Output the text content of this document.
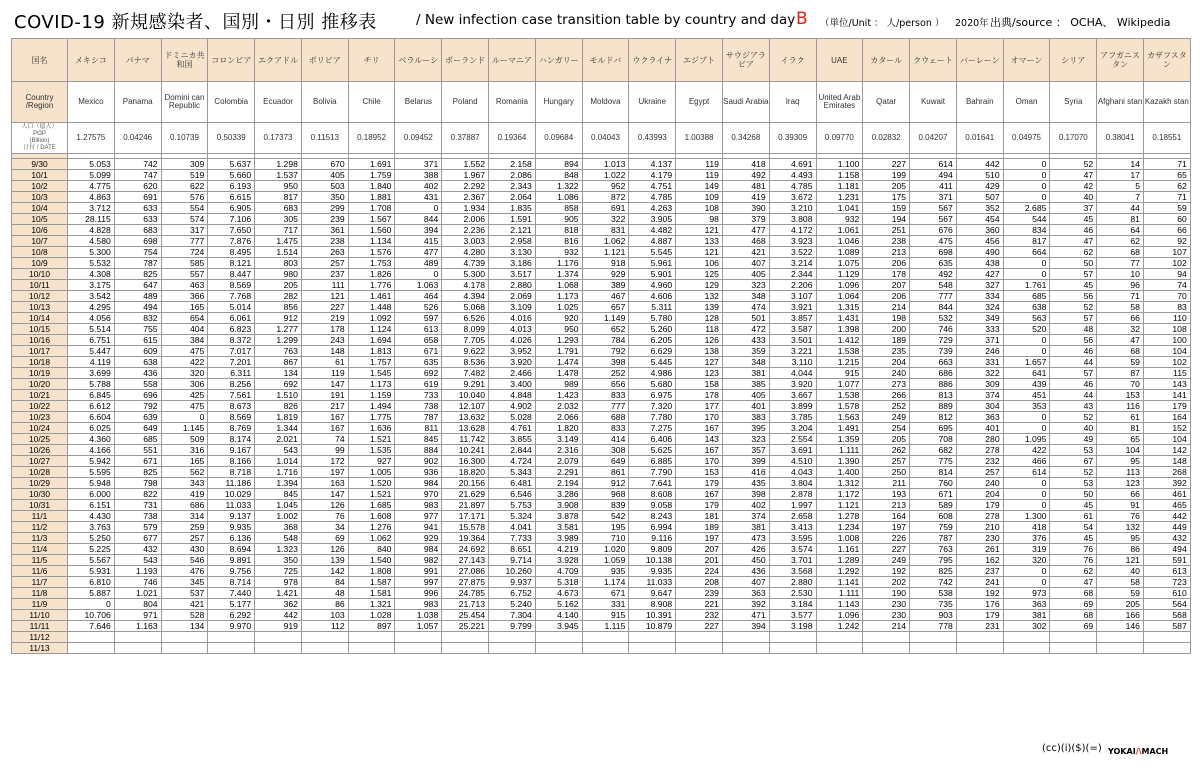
COVID-19 新規感染者、国別・日別 推移表	/ New infection case transition table by country and day B （単位/Unit ： 人/person ） 2020年 出典/source ： OCHA、 Wikipedia
国名	メキシコ	パナマ	ドミニカ共和国	コロンビア	エクアドル	ボリビア	チリ	ベラルーシ	ポーランド	ルーマニア	ハンガリー	モルドバ	ウクライナ	エジプト	サウジアラビア	イラク	UAE	カタール	クウェート	バーレーン	オマーン	シリア	アフガニスタン	カザフスタン
Country
/Region	Mexico	Panama	Domini can Republic	Colombia	Ecuador	Bolivia	Chile	Belarus	Poland	Romania	Hungary	Moldova	Ukraine	Egypt	Saudi Arabia	Iraq	United Arab Emirates	Qatar	Kuwait	Bahrain	Oman	Syria	Afghani stan	Kazakh stan
人口（億人）
POP
(Billion)
日付 / DATE	1.27575	0.04246	0.10739	0.50339	0.17373	0.11513	0.18952	0.09452	0.37887	0.19364	0.09684	0.04043	0.43993	1.00388	0.34268	0.39309	0.09770	0.02832	0.04207	0.01641	0.04975	0.17070	0.38041	0.18551

9/30	5.053	742	309	5.637	1.298	670	1.691	371	1.552	2.158	894	1.013	4.137	119	418	4.691	1.100	227	614	442	0	52	14	71
10/1	5.099	747	519	5.660	1.537	405	1.759	388	1.967	2.086	848	1.022	4.179	119	492	4.493	1.158	199	494	510	0	47	17	65
10/2	4.775	620	622	6.193	950	503	1.840	402	2.292	2.343	1.322	952	4.751	149	481	4.785	1.181	205	411	429	0	42	5	62
10/3	4.863	691	576	6.615	817	350	1.881	431	2.367	2.064	1.086	872	4.785	109	419	3.672	1.231	175	371	507	0	40	7	71
10/4	3.712	633	554	6.905	683	299	1.708	0	1.934	1.835	858	691	4.263	108	390	3.210	1.041	159	567	352	2.685	37	44	59
10/5	28.115	633	574	7.106	305	239	1.567	844	2.006	1.591	905	322	3.905	98	379	3.808	932	194	567	454	544	45	81	60
10/6	4.828	683	317	7.650	717	361	1.560	394	2.236	2.121	818	831	4.482	121	477	4.172	1.061	251	676	360	834	46	64	66
10/7	4.580	698	777	7.876	1.475	238	1.134	415	3.003	2.958	816	1.062	4.887	133	468	3.923	1.046	238	475	456	817	47	62	92
10/8	5.300	754	724	8.495	1.514	263	1.576	477	4.280	3.130	932	1.121	5.545	121	421	3.522	1.089	213	698	490	664	62	68	107
10/9	5.532	787	585	8.121	803	257	1.753	489	4.739	3.186	1.176	918	5.961	106	407	3.214	1.075	206	635	438	0	50	77	102
10/10	4.308	825	557	8.447	980	237	1.826	0	5.300	3.517	1.374	929	5.901	125	405	2.344	1.129	178	492	427	0	57	10	94
10/11	3.175	647	463	8.569	205	111	1.776	1.063	4.178	2.880	1.068	389	4.960	129	323	2.206	1.096	207	548	327	1.761	45	96	74
10/12	3.542	489	366	7.768	282	121	1.461	464	4.394	2.069	1.173	467	4.606	132	348	3.107	1.064	206	777	334	685	56	71	70
10/13	4.295	494	165	5.014	856	227	1.448	526	5.068	3.109	1.025	657	5.311	139	474	3.921	1.315	214	844	324	638	52	58	83
10/14	4.056	832	654	6.061	912	219	1.092	597	6.526	4.016	920	1.149	5.780	128	501	3.857	1.431	198	532	349	563	57	66	110
10/15	5.514	755	404	6.823	1.277	178	1.124	613	8.099	4.013	950	652	5.260	118	472	3.587	1.398	200	746	333	520	48	32	108
10/16	6.751	615	384	8.372	1.299	243	1.694	658	7.705	4.026	1.293	784	6.205	126	433	3.501	1.412	189	729	371	0	56	47	100
10/17	5.447	609	475	7.017	763	148	1.813	671	9.622	3.952	1.791	792	6.629	138	359	3.221	1.538	235	739	246	0	46	68	104
10/18	4.119	638	422	7.201	867	61	1.757	635	8.536	3.920	1.474	398	5.445	127	348	3.110	1.215	204	663	331	1.657	44	59	102
10/19	3.699	436	320	6.311	134	119	1.545	692	7.482	2.466	1.478	252	4.986	123	381	4.044	915	240	686	322	641	57	87	115
10/20	5.788	558	306	8.256	692	147	1.173	619	9.291	3.400	989	656	5.680	158	385	3.920	1.077	273	886	309	439	46	70	143
10/21	6.845	696	425	7.561	1.510	191	1.159	733	10.040	4.848	1.423	833	6.975	178	405	3.667	1.538	266	813	374	451	44	153	141
10/22	6.612	792	475	8.673	826	217	1.494	738	12.107	4.902	2.032	777	7.320	177	401	3.899	1.578	252	889	304	353	43	116	179
10/23	6.604	639	0	8.569	1.819	167	1.775	787	13.632	5.028	2.066	688	7.780	170	383	3.785	1.563	249	812	363	0	52	61	164
10/24	6.025	649	1.145	8.769	1.344	167	1.636	811	13.628	4.761	1.820	833	7.275	167	395	3.204	1.491	254	695	401	0	40	81	152
10/25	4.360	685	509	8.174	2.021	74	1.521	845	11.742	3.855	3.149	414	6.406	143	323	2.554	1.359	205	708	280	1.095	49	65	104
10/26	4.166	551	316	9.167	543	99	1.535	884	10.241	2.844	2.316	308	5.625	167	357	3.691	1.111	262	682	278	422	53	104	142
10/27	5.942	671	165	8.166	1.014	172	927	902	16.300	4.724	2.079	649	6.885	170	399	4.510	1.390	257	775	232	466	67	95	148
10/28	5.595	825	562	8.718	1.716	197	1.005	936	18.820	5.343	2.291	861	7.790	153	416	4.043	1.400	250	814	257	614	52	113	268
10/29	5.948	798	343	11.186	1.394	163	1.520	984	20.156	6.481	2.194	912	7.641	179	435	3.804	1.312	211	760	240	0	53	123	392
10/30	6.000	822	419	10.029	845	147	1.521	970	21.629	6.546	3.286	968	8.608	167	398	2.878	1.172	193	671	204	0	50	66	461
10/31	6.151	731	686	11.033	1.045	126	1.685	983	21.897	5.753	3.908	839	9.058	179	402	1.997	1.121	213	589	179	0	45	91	465
11/1	4.430	738	314	9.137	1.002	76	1.608	977	17.171	5.324	3.878	542	8.243	181	374	2.658	1.278	164	608	278	1.300	61	76	442
11/2	3.763	579	259	9.935	368	34	1.276	941	15.578	4.041	3.581	195	6.994	189	381	3.413	1.234	197	759	210	418	54	132	449
11/3	5.250	677	257	6.136	548	69	1.062	929	19.364	7.733	3.989	710	9.116	197	473	3.595	1.008	226	787	230	376	45	95	432
11/4	5.225	432	430	8.694	1.323	126	840	984	24.692	8.651	4.219	1.020	9.809	207	426	3.574	1.161	227	763	261	319	76	86	494
11/5	5.567	543	546	9.891	350	139	1.540	982	27.143	9.714	3.928	1.059	10.138	201	450	3.701	1.289	249	795	162	320	76	121	591
11/6	5.931	1.193	476	9.756	725	142	1.808	991	27.086	10.260	4.709	935	9.935	224	436	3.568	1.292	192	825	237	0	62	40	613
11/7	6.810	746	345	8.714	978	84	1.587	997	27.875	9.937	5.318	1.174	11.033	208	407	2.880	1.141	202	742	241	0	47	58	723
11/8	5.887	1.021	537	7.440	1.421	48	1.581	996	24.785	6.752	4.673	671	9.647	239	363	2.530	1.111	190	538	192	973	68	59	610
11/9	0	804	421	5.177	362	86	1.321	983	21.713	5.240	5.162	331	8.908	221	392	3.184	1.143	230	735	176	363	69	205	564
11/10	10.706	971	528	6.292	442	103	1.028	1.038	25.454	7.304	4.140	915	10.391	232	471	3.577	1.096	230	903	179	381	68	166	568
11/11	7.646	1.163	134	9.970	919	112	897	1.057	25.221	9.799	3.945	1.115	10.879	227	394	3.198	1.242	214	778	231	302	69	146	587
11/12																								
11/13																								
(cc)(i)($)(=) YOKAI/\MACH
